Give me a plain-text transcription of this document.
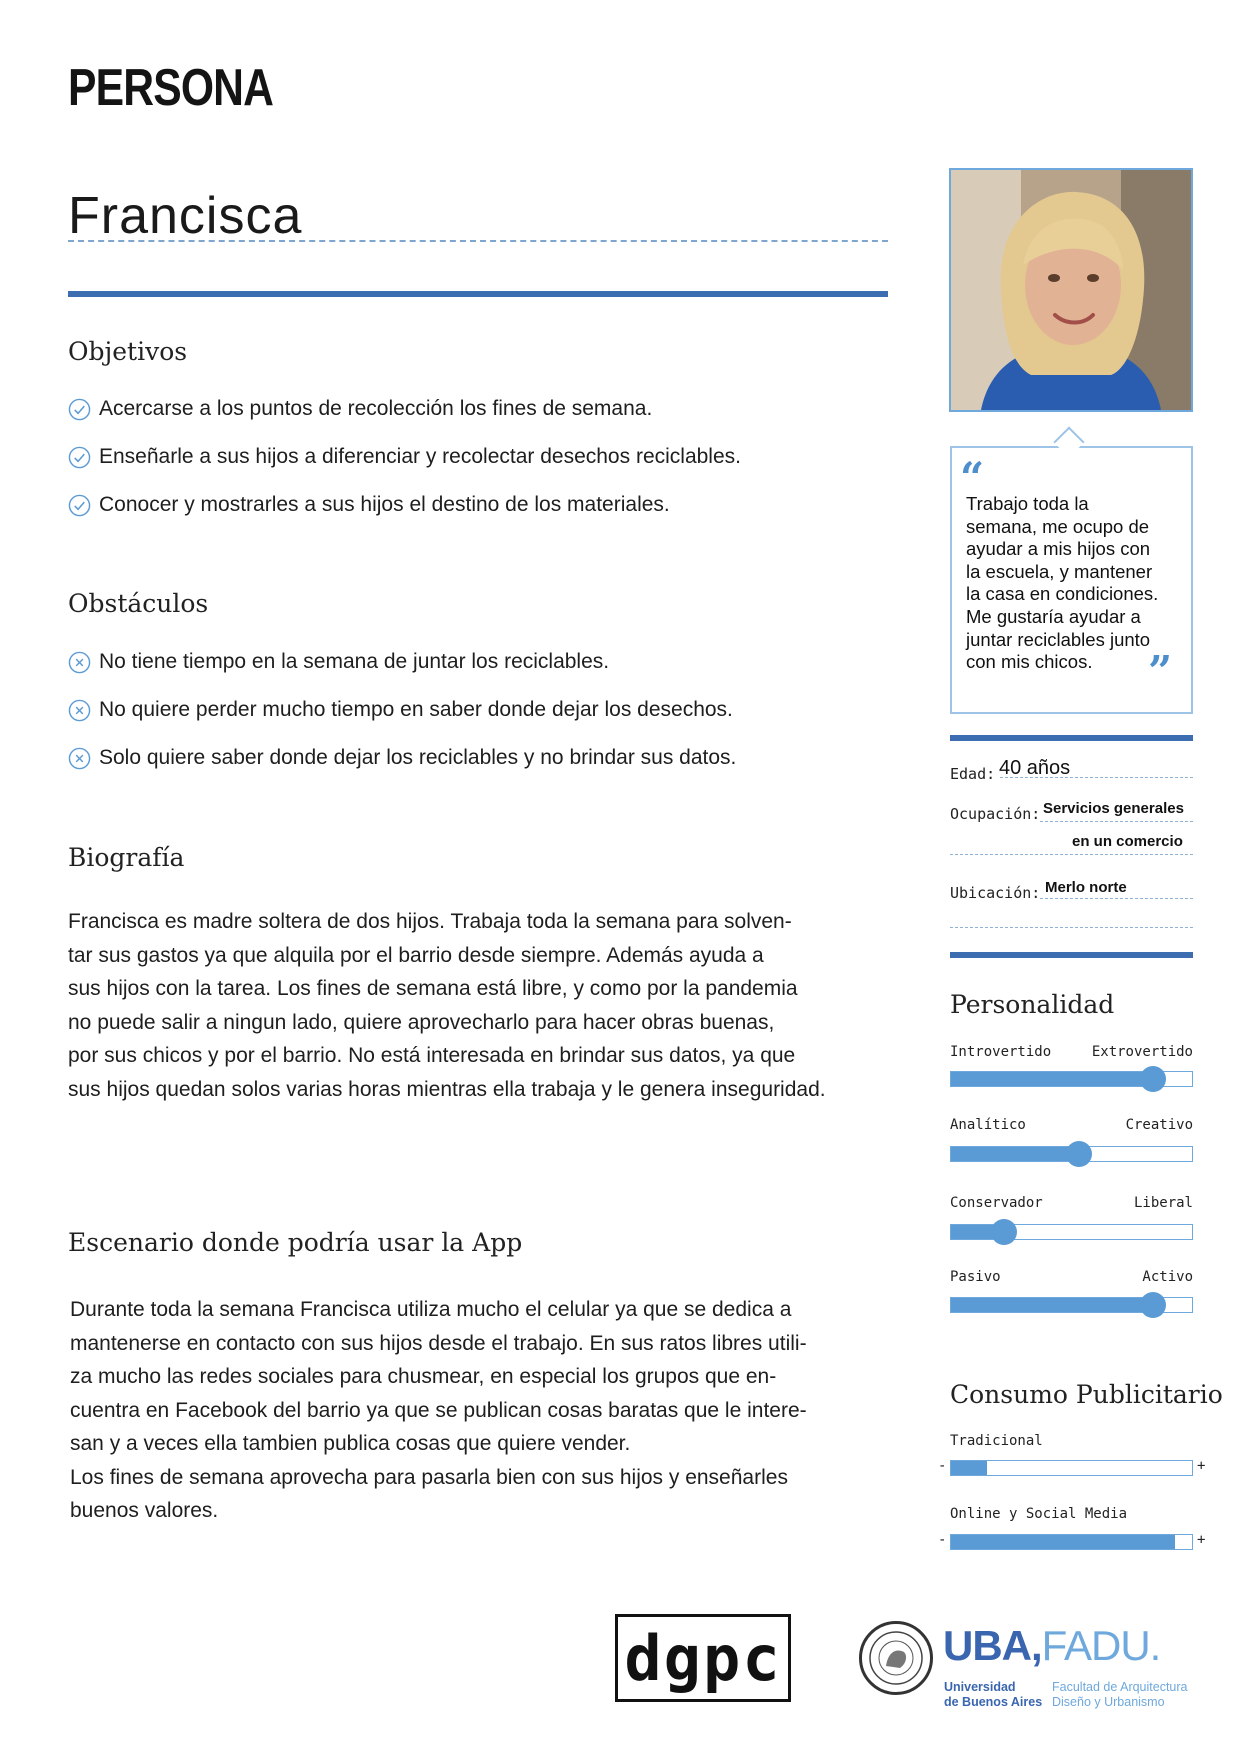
PERSONA
Francisca
Objetivos
Acercarse a los puntos de recolección los fines de semana.
Enseñarle a sus hijos a diferenciar y recolectar desechos reciclables.
Conocer y mostrarles a sus hijos el destino de los materiales.
Obstáculos
No tiene tiempo en la semana de juntar los reciclables.
No quiere perder mucho tiempo en saber donde dejar los desechos.
Solo quiere saber donde dejar los reciclables y no brindar sus datos.
Biografía
Francisca es madre soltera de dos hijos. Trabaja toda la semana para solven-
tar sus gastos ya que alquila por el barrio desde siempre. Además ayuda a
sus hijos con la tarea. Los fines de semana está libre, y como por la pandemia
no puede salir a ningun lado, quiere aprovecharlo para hacer obras buenas,
por sus chicos y por el barrio. No está interesada en brindar sus datos, ya que
sus hijos quedan solos varias horas mientras ella trabaja y le genera inseguridad.
Escenario donde podría usar la App
Durante toda la semana Francisca utiliza mucho el celular ya que se dedica a
mantenerse en contacto con sus hijos desde el trabajo. En sus ratos libres utili-
za mucho las redes sociales para chusmear, en especial los grupos que en-
cuentra en Facebook del barrio ya que se publican cosas baratas que le intere-
san y a veces ella tambien publica cosas que quiere vender.
Los fines de semana aprovecha para pasarla bien con sus hijos y enseñarles
buenos valores.
“
Trabajo toda la
semana, me ocupo de
ayudar a mis hijos con
la escuela, y mantener
la casa en condiciones.
Me gustaría ayudar a
juntar reciclables junto
con mis chicos.	”
Edad: 40 años
Ocupación: Servicios generales
en un comercio
Ubicación: Merlo norte
Personalidad
Introvertido	Extrovertido
Analítico	Creativo
Conservador	Liberal
Pasivo	Activo
Consumo Publicitario
Tradicional
-	+
Online y Social Media
-	+
dgpc	UBA,FADU.
Universidad
de Buenos Aires
Facultad de Arquitectura
Diseño y Urbanismo
